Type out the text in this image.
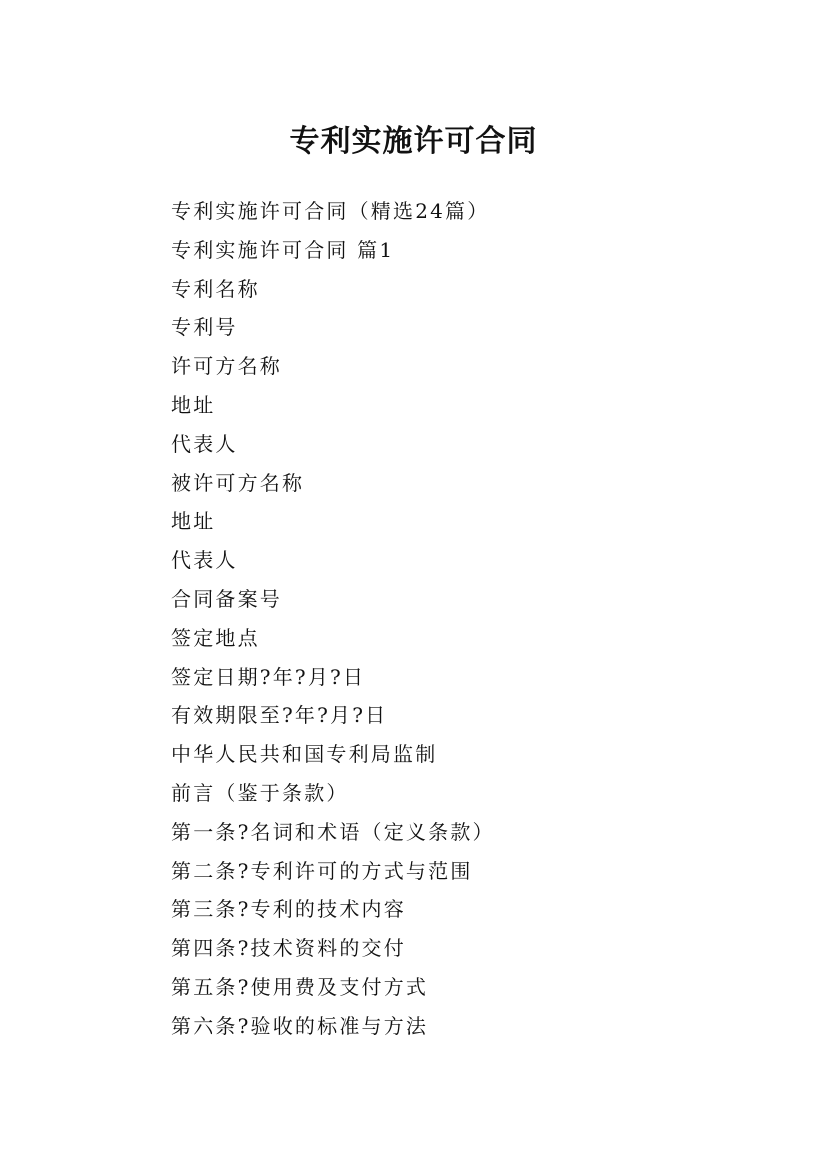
专利实施许可合同
专利实施许可合同（精选24篇）
专利实施许可合同 篇1
专利名称
专利号
许可方名称
地址
代表人
被许可方名称
地址
代表人
合同备案号
签定地点
签定日期?年?月?日
有效期限至?年?月?日
中华人民共和国专利局监制
前言（鉴于条款）
第一条?名词和术语（定义条款）
第二条?专利许可的方式与范围
第三条?专利的技术内容
第四条?技术资料的交付
第五条?使用费及支付方式
第六条?验收的标准与方法
